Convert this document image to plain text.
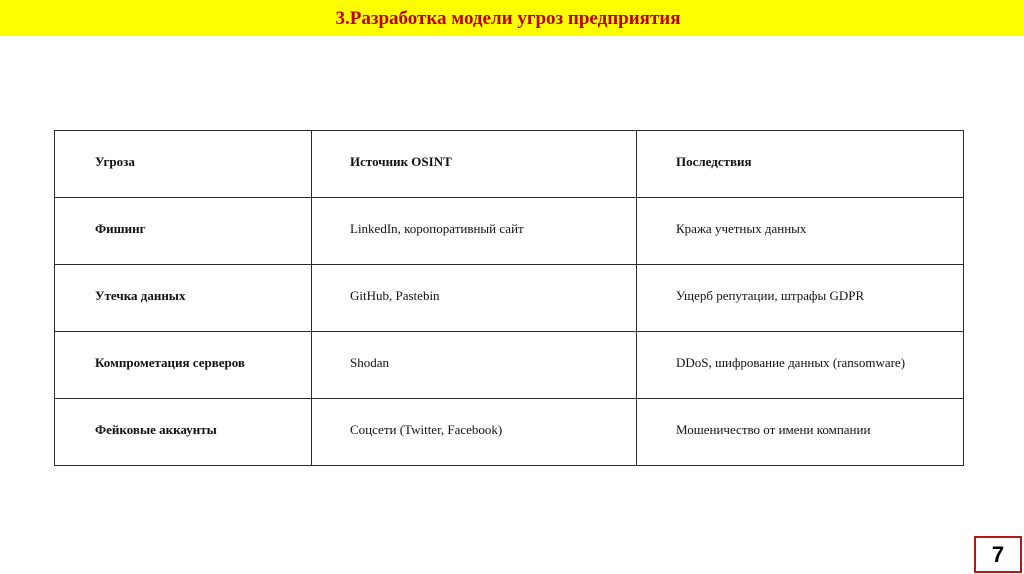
3.Разработка модели угроз предприятия
Угроза	Источник OSINT	Последствия
Фишинг	LinkedIn, коропоративный сайт	Кража учетных данных
Утечка данных	GitHub, Pastebin	Ущерб репутации, штрафы GDPR
Компрометация серверов	Shodan	DDoS, шифрование данных (ransomware)
Фейковые аккаунты	Соцсети (Twitter, Facebook)	Мошеничество от имени компании
7
